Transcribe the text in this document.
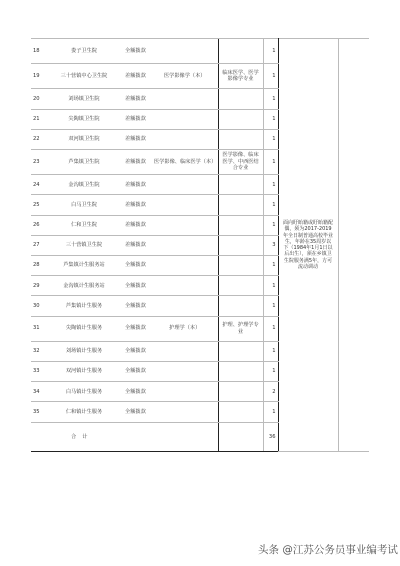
18	娄子卫生院	全额拨款			1	面向盱眙籍或盱眙籍配偶，须为2017-2019年全日制普通高校毕业生，年龄在35周岁以下（1984年1月1日以后出生），须在乡镇卫生院服务满5年，方可流动调动	
19	三十营镇中心卫生院	差额拨款	医学影像学（本）	临床医学、医学影像学专业	1		
20	刘场镇卫生院	差额拨款			1		
21	尖陶镇卫生院	差额拨款			1		
22	双河镇卫生院	差额拨款			1		
23	芦集镇卫生院	差额拨款	医学影像、临床医学（本）	医学影像、临床医学、中西医结合专业	1		
24	金沟镇卫生院	差额拨款			1		
25	白马卫生院	差额拨款			1		
26	仁和卫生院	差额拨款			1		
27	三十营镇卫生院	差额拨款			3		
28	芦集镇计生服务站	全额拨款			1		
29	金沟镇计生服务站	全额拨款			1		
30	芦集镇计生服务	全额拨款			1		
31	尖陶镇计生服务	全额拨款	护理学（本）	护理、护理学专业	1		
32	刘场镇计生服务	全额拨款			1		
33	双河镇计生服务	全额拨款			1		
34	白马镇计生服务	全额拨款			2		
35	仁和镇计生服务	全额拨款			1		
	合计				36		
头条 @江苏公务员事业编考试
